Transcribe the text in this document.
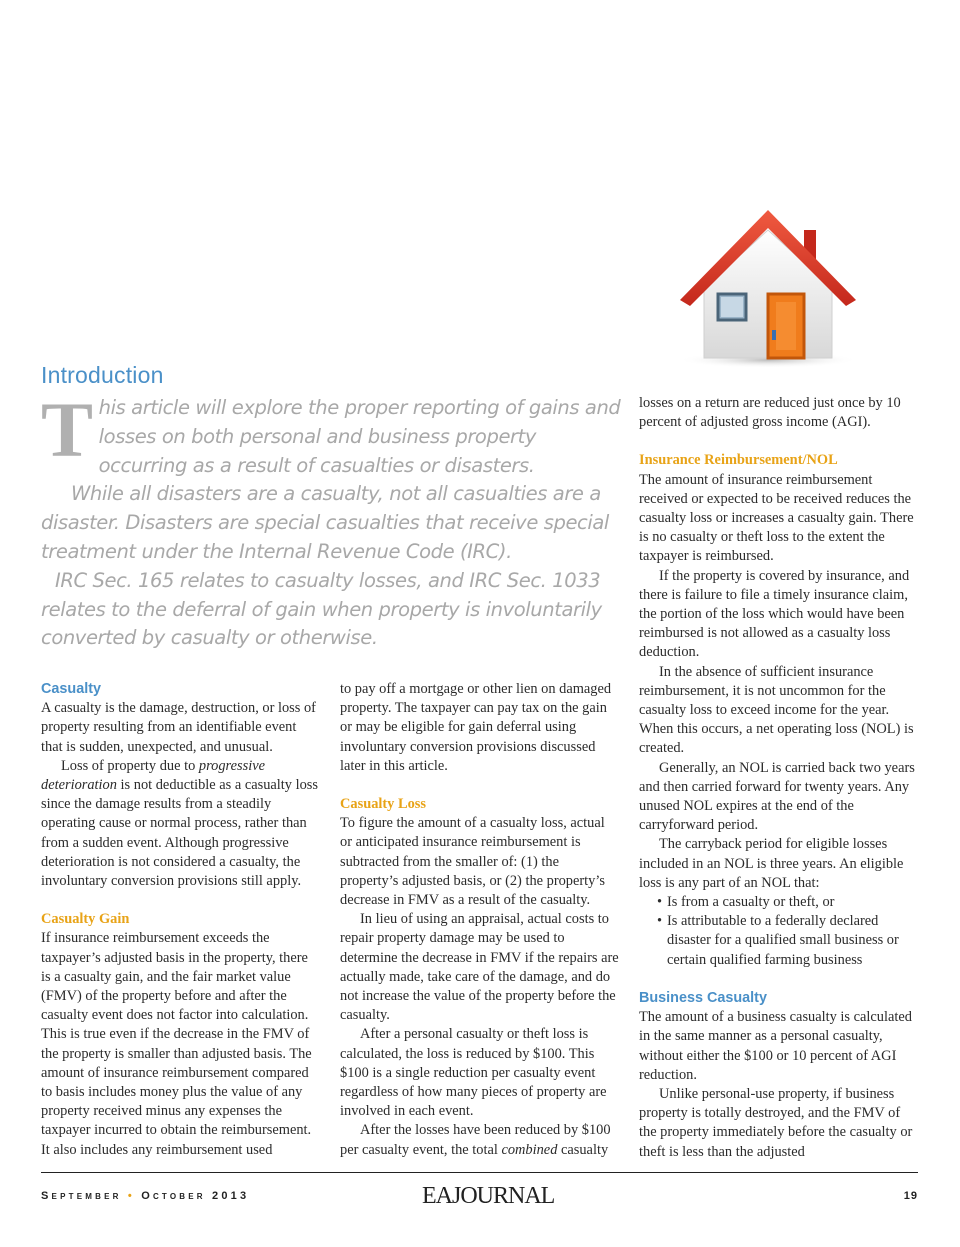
Introduction

This article will explore the proper reporting of gains and losses on both personal and business property occurring as a result of casualties or disasters.

While all disasters are a casualty, not all casualties are a disaster. Disasters are special casualties that receive special treatment under the Internal Revenue Code (IRC).

IRC Sec. 165 relates to casualty losses, and IRC Sec. 1033 relates to the deferral of gain when property is involuntarily converted by casualty or otherwise.

Casualty

A casualty is the damage, destruction, or loss of property resulting from an identifiable event that is sudden, unexpected, and unusual.

Loss of property due to progressive deterioration is not deductible as a casualty loss since the damage results from a steadily operating cause or normal process, rather than from a sudden event. Although progressive deterioration is not considered a casualty, the involuntary conversion provisions still apply.

Casualty Gain

If insurance reimbursement exceeds the taxpayer’s adjusted basis in the property, there is a casualty gain, and the fair market value (FMV) of the property before and after the casualty event does not factor into calculation. This is true even if the decrease in the FMV of the property is smaller than adjusted basis. The amount of insurance reimbursement compared to basis includes money plus the value of any property received minus any expenses the taxpayer incurred to obtain the reimbursement. It also includes any reimbursement used

to pay off a mortgage or other lien on damaged property. The taxpayer can pay tax on the gain or may be eligible for gain deferral using involuntary conversion provisions discussed later in this article.

Casualty Loss

To figure the amount of a casualty loss, actual or anticipated insurance reimbursement is subtracted from the smaller of: (1) the property’s adjusted basis, or (2) the property’s decrease in FMV as a result of the casualty.

In lieu of using an appraisal, actual costs to repair property damage may be used to determine the decrease in FMV if the repairs are actually made, take care of the damage, and do not increase the value of the property before the casualty.

After a personal casualty or theft loss is calculated, the loss is reduced by $100. This $100 is a single reduction per casualty event regardless of how many pieces of property are involved in each event.

After the losses have been reduced by $100 per casualty event, the total combined casualty

losses on a return are reduced just once by 10 percent of adjusted gross income (AGI).

Insurance Reimbursement/NOL

The amount of insurance reimbursement received or expected to be received reduces the casualty loss or increases a casualty gain. There is no casualty or theft loss to the extent the taxpayer is reimbursed.

If the property is covered by insurance, and there is failure to file a timely insurance claim, the portion of the loss which would have been reimbursed is not allowed as a casualty loss deduction.

In the absence of sufficient insurance reimbursement, it is not uncommon for the casualty loss to exceed income for the year. When this occurs, a net operating loss (NOL) is created.

Generally, an NOL is carried back two years and then carried forward for twenty years. Any unused NOL expires at the end of the carryforward period.

The carryback period for eligible losses included in an NOL is three years. An eligible loss is any part of an NOL that:

• Is from a casualty or theft, or
• Is attributable to a federally declared disaster for a qualified small business or certain qualified farming business
Business Casualty

The amount of a business casualty is calculated in the same manner as a personal casualty, without either the $100 or 10 percent of AGI reduction.

Unlike personal-use property, if business property is totally destroyed, and the FMV of the property immediately before the casualty or theft is less than the adjusted

September • October 2013	EAJOURNAL	19
